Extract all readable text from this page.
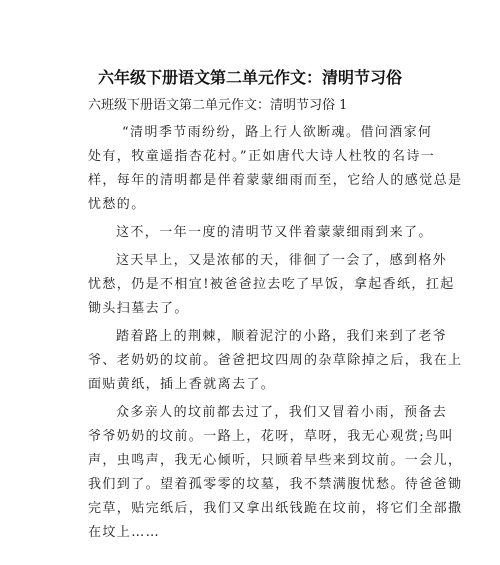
六年级下册语文第二单元作文：清明节习俗

六班级下册语文第二单元作文：清明节习俗 1

“清明季节雨纷纷，路上行人欲断魂。借问酒家何
处有，牧童遥指杏花村。”正如唐代大诗人杜牧的名诗一
样，每年的清明都是伴着蒙蒙细雨而至，它给人的感觉总是
忧愁的。

这不，一年一度的清明节又伴着蒙蒙细雨到来了。

这天早上，又是浓郁的天，徘徊了一会了，感到格外
忧愁，仍是不相宜!被爸爸拉去吃了早饭，拿起香纸，扛起
锄头扫墓去了。

踏着路上的荆棘，顺着泥泞的小路，我们来到了老爷
爷、老奶奶的坟前。爸爸把坟四周的杂草除掉之后，我在上
面贴黄纸，插上香就离去了。

众多亲人的坟前都去过了，我们又冒着小雨，预备去
爷爷奶奶的坟前。一路上，花呀，草呀，我无心观赏;鸟叫
声，虫鸣声，我无心倾听，只顾着早些来到坟前。一会儿，
我们到了。望着孤零零的坟墓，我不禁满腹忧愁。待爸爸锄
完草，贴完纸后，我们又拿出纸钱跪在坟前，将它们全部撒
在坟上……
